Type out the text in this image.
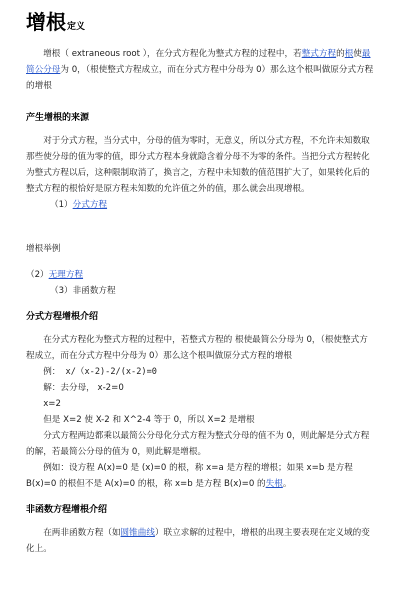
增根定义

增根（ extraneous root ），在分式方程化为整式方程的过程中，若整式方程的根使最简公分母为 0，（根使整式方程成立，而在分式方程中分母为 0）那么这个根叫做原分式方程的增根

产生增根的来源

对于分式方程，当分式中，分母的值为零时，无意义，所以分式方程，不允许未知数取那些使分母的值为零的值，即分式方程本身就隐含着分母不为零的条件。当把分式方程转化为整式方程以后，这种限制取消了，换言之，方程中未知数的值范围扩大了，如果转化后的整式方程的根恰好是原方程未知数的允许值之外的值，那么就会出现增根。

（1）分式方程

增根举例

（2）无理方程

（3）非函数方程

分式方程增根介绍

在分式方程化为整式方程的过程中，若整式方程的 根使最简公分母为 0，（根使整式方程成立，而在分式方程中分母为 0）那么这个根叫做原分式方程的增根

例： x/（x-2)-2/(x-2)=0

解：去分母， x-2=0

x=2

但是 X=2 使 X-2 和 X^2-4 等于 0，所以 X=2 是增根

分式方程两边都乘以最简公分母化分式方程为整式分母的值不为 0，则此解是分式方程的解，若最简公分母的值为 0，则此解是增根。

例如：设方程 A(x)=0 是 (x)=0 的根，称 x=a 是方程的增根；如果 x=b 是方程 B(x)=0 的根但不是 A(x)=0 的根，称 x=b 是方程 B(x)=0 的失根。

非函数方程增根介绍

在两非函数方程（如圆锥曲线）联立求解的过程中，增根的出现主要表现在定义域的变化上。
